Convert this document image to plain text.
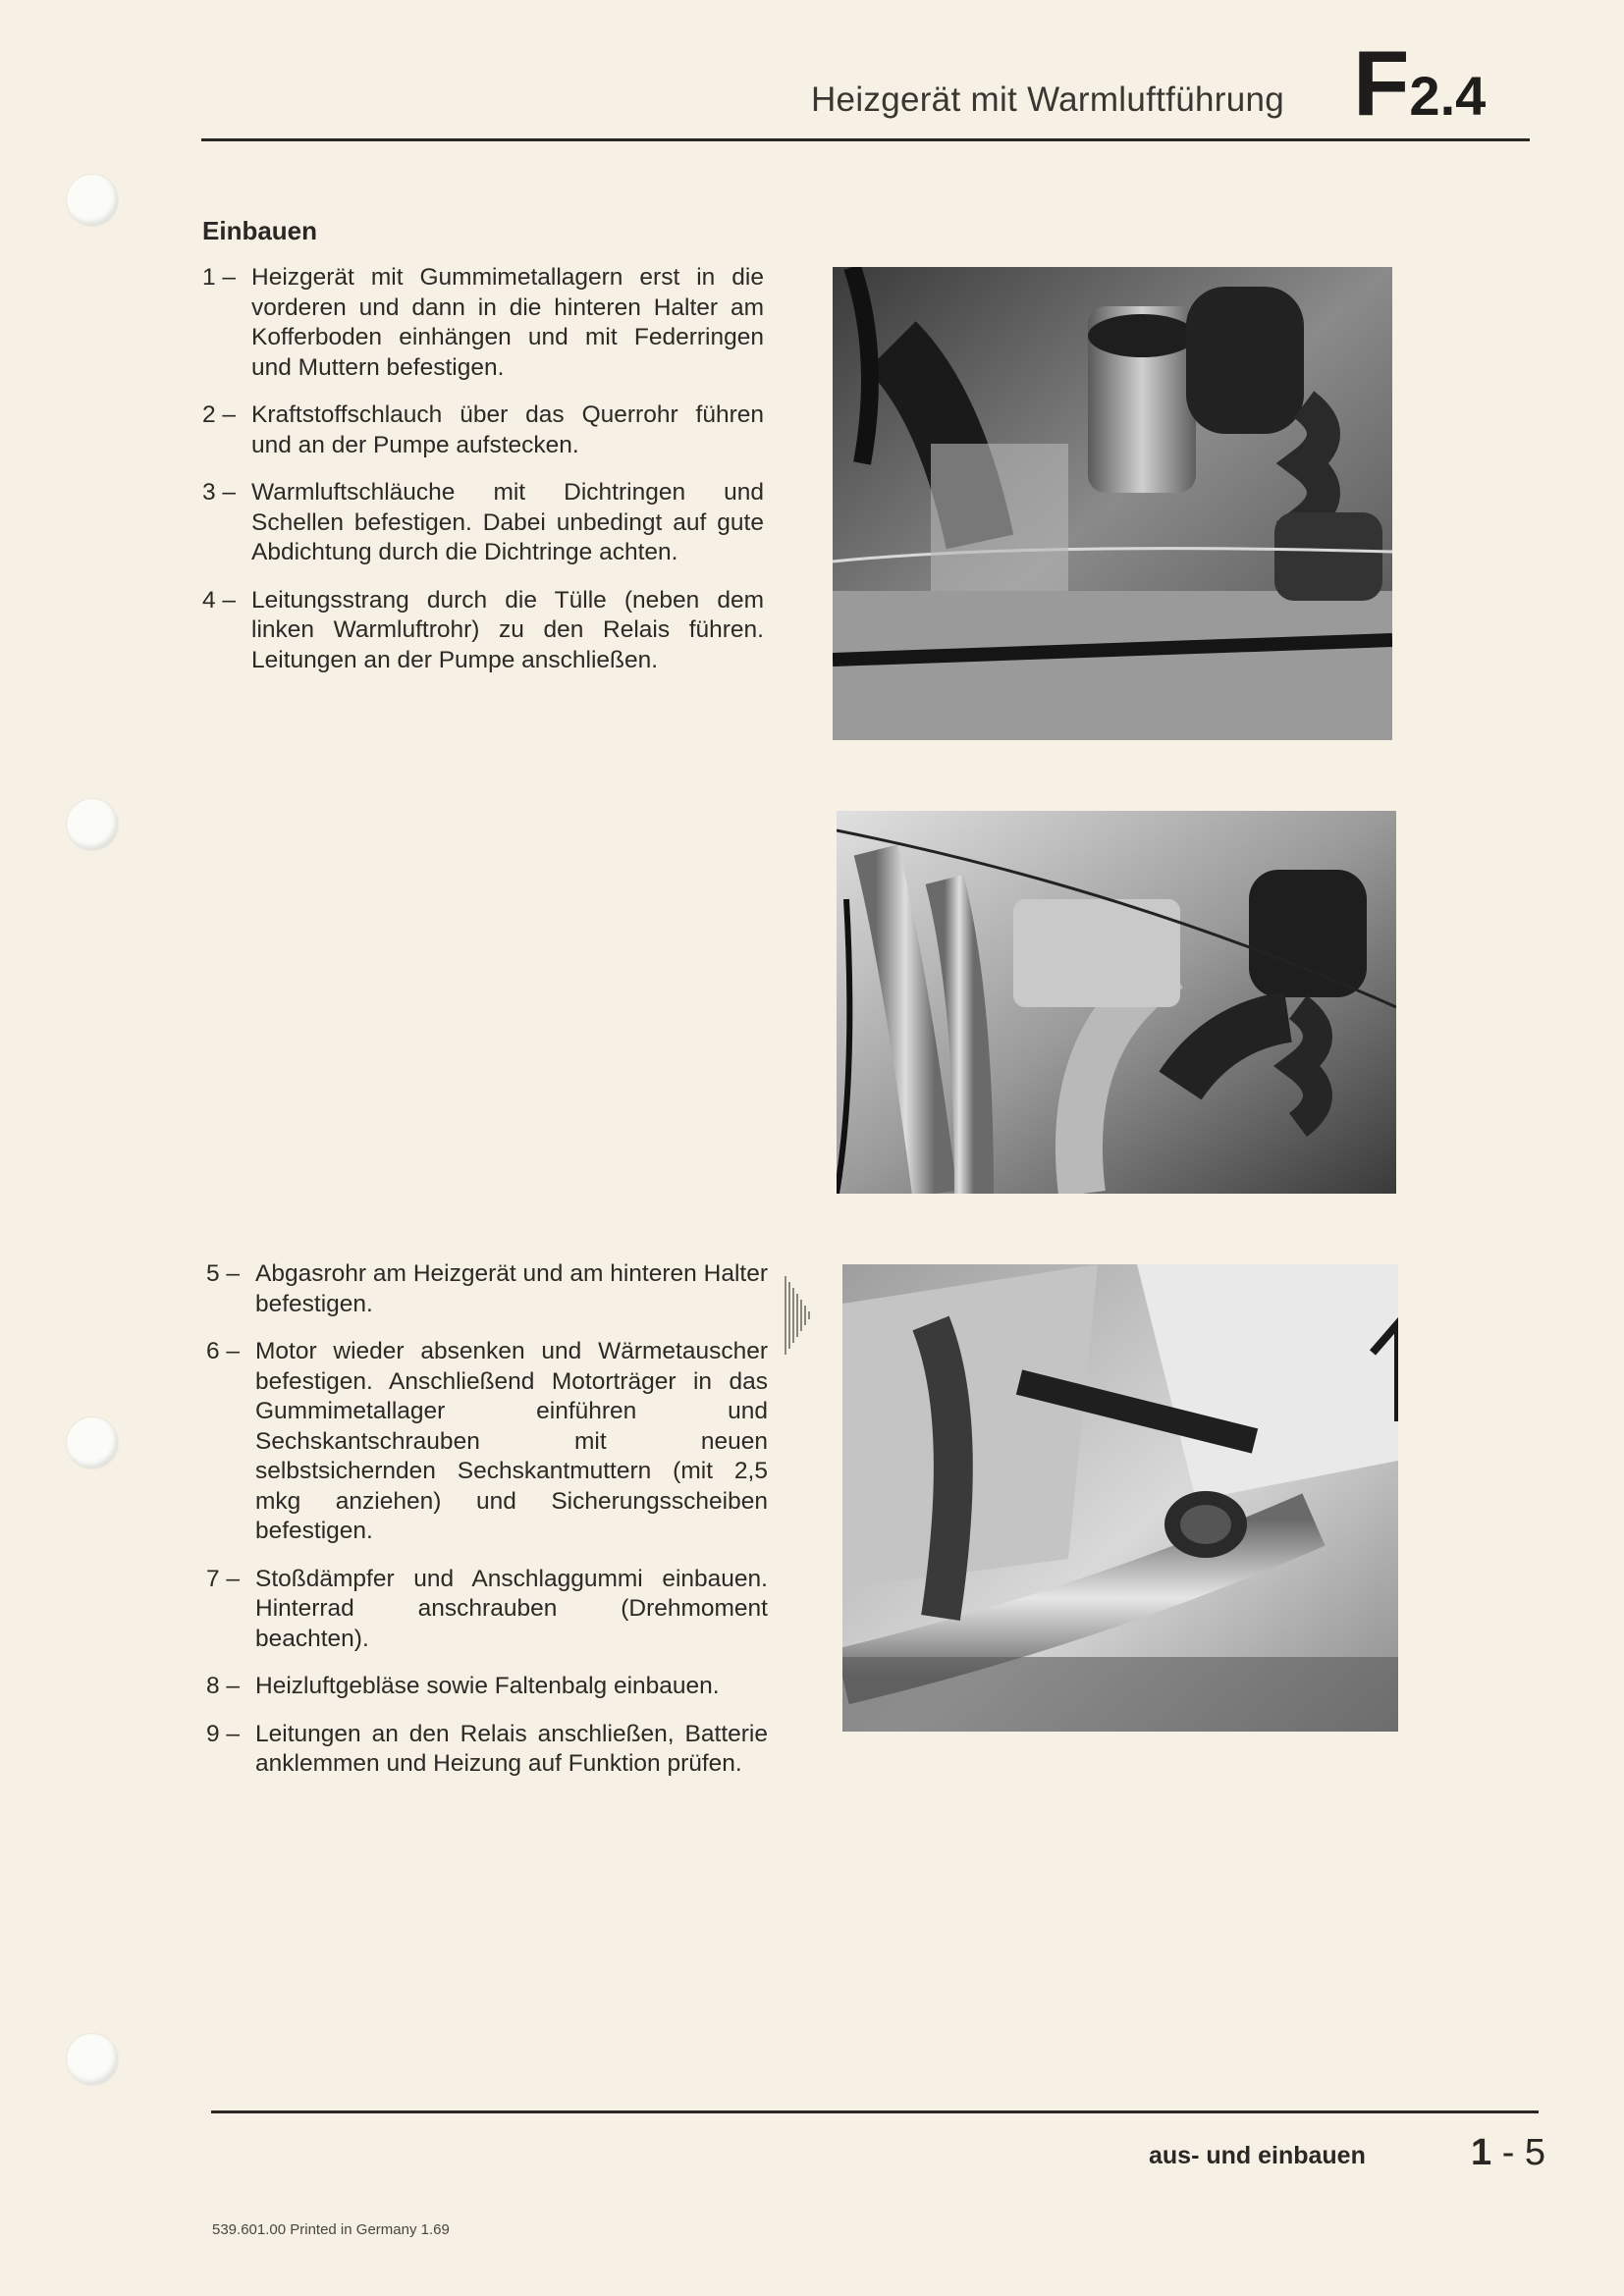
Heizgerät mit Warmluftführung F2.4
Einbauen
1 – Heizgerät mit Gummimetallagern erst in die vorderen und dann in die hinteren Halter am Kofferboden einhängen und mit Federringen und Muttern befestigen.
2 – Kraftstoffschlauch über das Querrohr führen und an der Pumpe aufstecken.
3 – Warmluftschläuche mit Dichtringen und Schellen befestigen. Dabei unbedingt auf gute Abdichtung durch die Dichtringe achten.
4 – Leitungsstrang durch die Tülle (neben dem linken Warmluftrohr) zu den Relais führen. Leitungen an der Pumpe anschließen.
5 – Abgasrohr am Heizgerät und am hinteren Halter befestigen.
6 – Motor wieder absenken und Wärmetauscher befestigen. Anschließend Motorträger in das Gummimetallager einführen und Sechskantschrauben mit neuen selbstsichernden Sechskantmuttern (mit 2,5 mkg anziehen) und Sicherungsscheiben befestigen.
7 – Stoßdämpfer und Anschlaggummi einbauen. Hinterrad anschrauben (Drehmoment beachten).
8 – Heizluftgebläse sowie Faltenbalg einbauen.
9 – Leitungen an den Relais anschließen, Batterie anklemmen und Heizung auf Funktion prüfen.
aus- und einbauen	1 - 5
539.601.00 Printed in Germany 1.69
